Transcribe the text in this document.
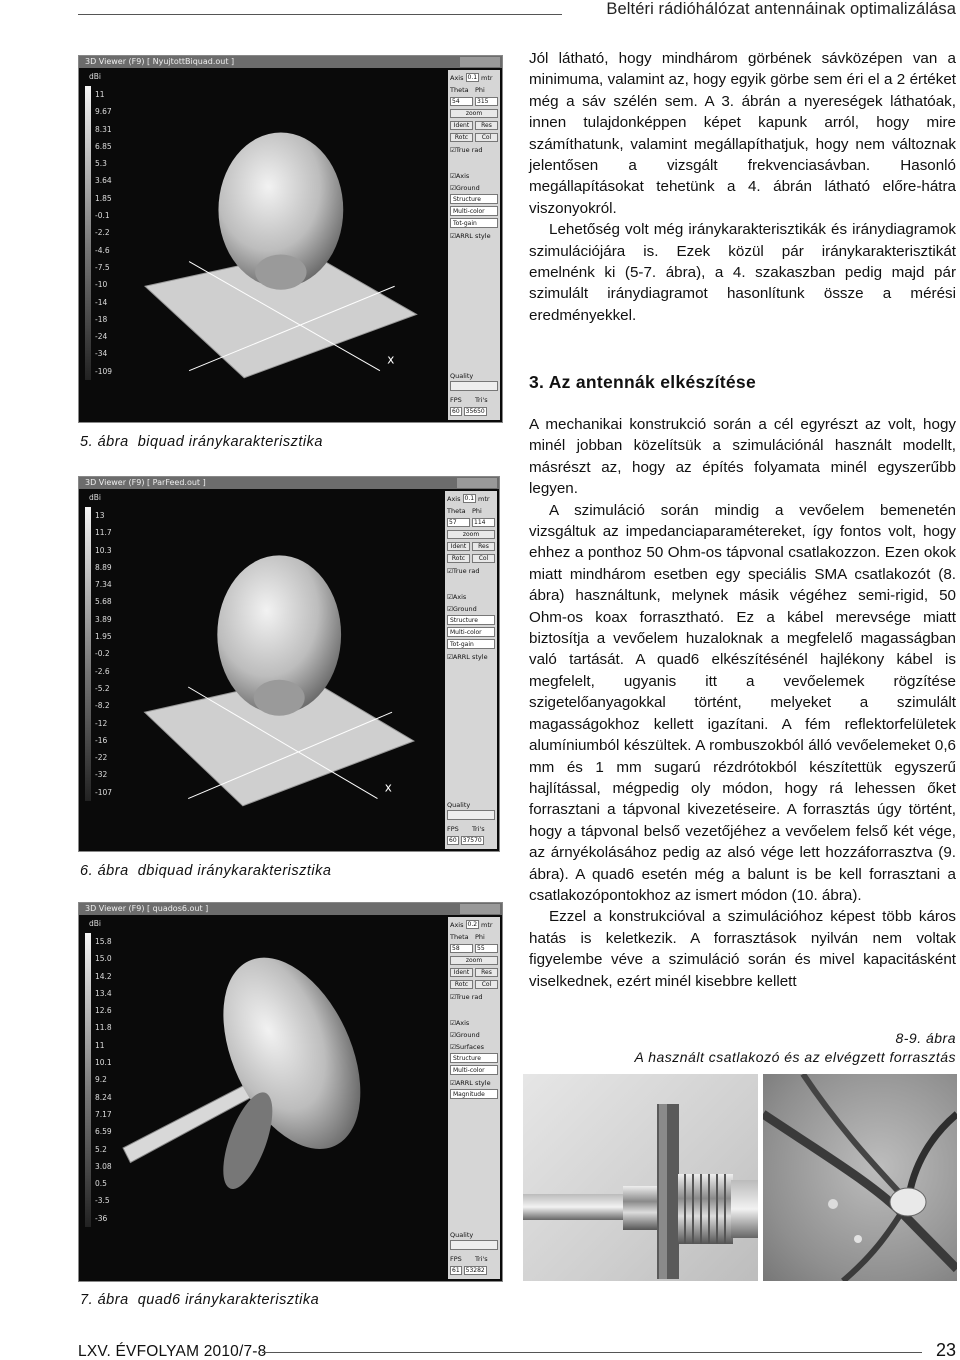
Beltéri rádióhálózat antennáinak optimalizálása
3D Viewer (F9) [ NyujtottBiquad.out ]
x
dBi
11
9.67
8.31
6.85
5.3
3.64
1.85
-0.1
-2.2
-4.6
-7.5
-10
-14
-18
-24
-34
-109
Axis 0.1 mtr
Theta Phi
54	315
zoom
Ident	Res
Rotc	Col
☑ True rad
☑ Axis
☑ Ground
Structure
Multi-color
Tot-gain
☑ ARRL style
Quality
FPS	Tri's
60	35650
5. ábra biquad iránykarakterisztika
3D Viewer (F9) [ ParFeed.out ]
x
dBi
13
11.7
10.3
8.89
7.34
5.68
3.89
1.95
-0.2
-2.6
-5.2
-8.2
-12
-16
-22
-32
-107
Axis 0.1 mtr
Theta Phi
57	114
zoom
Ident	Res
Rotc	Col
☑ True rad
☑ Axis
☑ Ground
Structure
Multi-color
Tot-gain
☑ ARRL style
Quality
FPS	Tri's
60	37570
6. ábra dbiquad iránykarakterisztika
3D Viewer (F9) [ quados6.out ]
dBi
15.8
15.0
14.2
13.4
12.6
11.8
11
10.1
9.2
8.24
7.17
6.59
5.2
3.08
0.5
-3.5
-36
Axis 0.2 mtr
Theta Phi
58	55
zoom
Ident	Res
Rotc	Col
☑ True rad
☑ Axis
☑ Ground
☑ Surfaces
Structure
Multi-color
☑ ARRL style
Magnitude
Quality
FPS	Tri's
61	53282
7. ábra quad6 iránykarakterisztika

Jól látható, hogy mindhárom görbének sávközépen van a minimuma, valamint az, hogy egyik görbe sem éri el a 2 értéket még a sáv szélén sem. A 3. ábrán a nyereségek láthatóak, innen tulajdonképpen képet kapunk arról, hogy mire számíthatunk, valamint megállapíthatjuk, hogy nem változnak jelentősen a vizsgált frekvenciasávban. Hasonló megállapításokat tehetünk a 4. ábrán látható előre-hátra viszonyokról.

Lehetőség volt még iránykarakterisztikák és iránydiagramok szimulációjára is. Ezek közül pár iránykarakterisztikát emelnénk ki (5-7. ábra), a 4. szakaszban pedig majd pár szimulált iránydiagramot hasonlítunk össze a mérési eredményekkel.

3. Az antennák elkészítése

A mechanikai konstrukció során a cél egyrészt az volt, hogy minél jobban közelítsük a szimulációnál használt modellt, másrészt az, hogy az építés folyamata minél egyszerűbb legyen.

A szimuláció során mindig a vevőelem bemenetén vizsgáltuk az impedanciaparamétereket, így fontos volt, hogy ehhez a ponthoz 50 Ohm-os tápvonal csatlakozzon. Ezen okok miatt mindhárom esetben egy speciális SMA csatlakozót (8. ábra) használtunk, melynek másik végéhez semi-rigid, 50 Ohm-os koax forrasztható. Ez a kábel merevsége miatt biztosítja a vevőelem huzaloknak a megfelelő magasságban való tartását. A quad6 elkészítésénél hajlékony kábel is megfelelt, ugyanis itt a vevőelemek rögzítése szigetelőanyagokkal történt, melyeket a szimulált magasságokhoz kellett igazítani. A fém reflektorfelületek alumíniumból készültek. A rombuszokból álló vevőelemeket 0,6 mm és 1 mm sugarú rézdrótokból készítettük egyszerű hajlítással, mégpedig oly módon, hogy rá lehessen őket forrasztani a tápvonal kivezetéseire. A forrasztás úgy történt, hogy a tápvonal belső vezetőjéhez a vevőelem felső két vége, az árnyékolásához pedig az alsó vége lett hozzáforrasztva (9. ábra). A quad6 esetén még a balunt is be kell forrasztani a csatlakozópontokhoz az ismert módon (10. ábra).

Ezzel a konstrukcióval a szimulációhoz képest több káros hatás is keletkezik. A forrasztások nyilván nem voltak figyelembe véve a szimuláció során és mivel kapacitásként viselkednek, ezért minél kisebbre kellett

8-9. ábra
A használt csatlakozó és az elvégzett forrasztás
LXV. ÉVFOLYAM 2010/7-8	23
